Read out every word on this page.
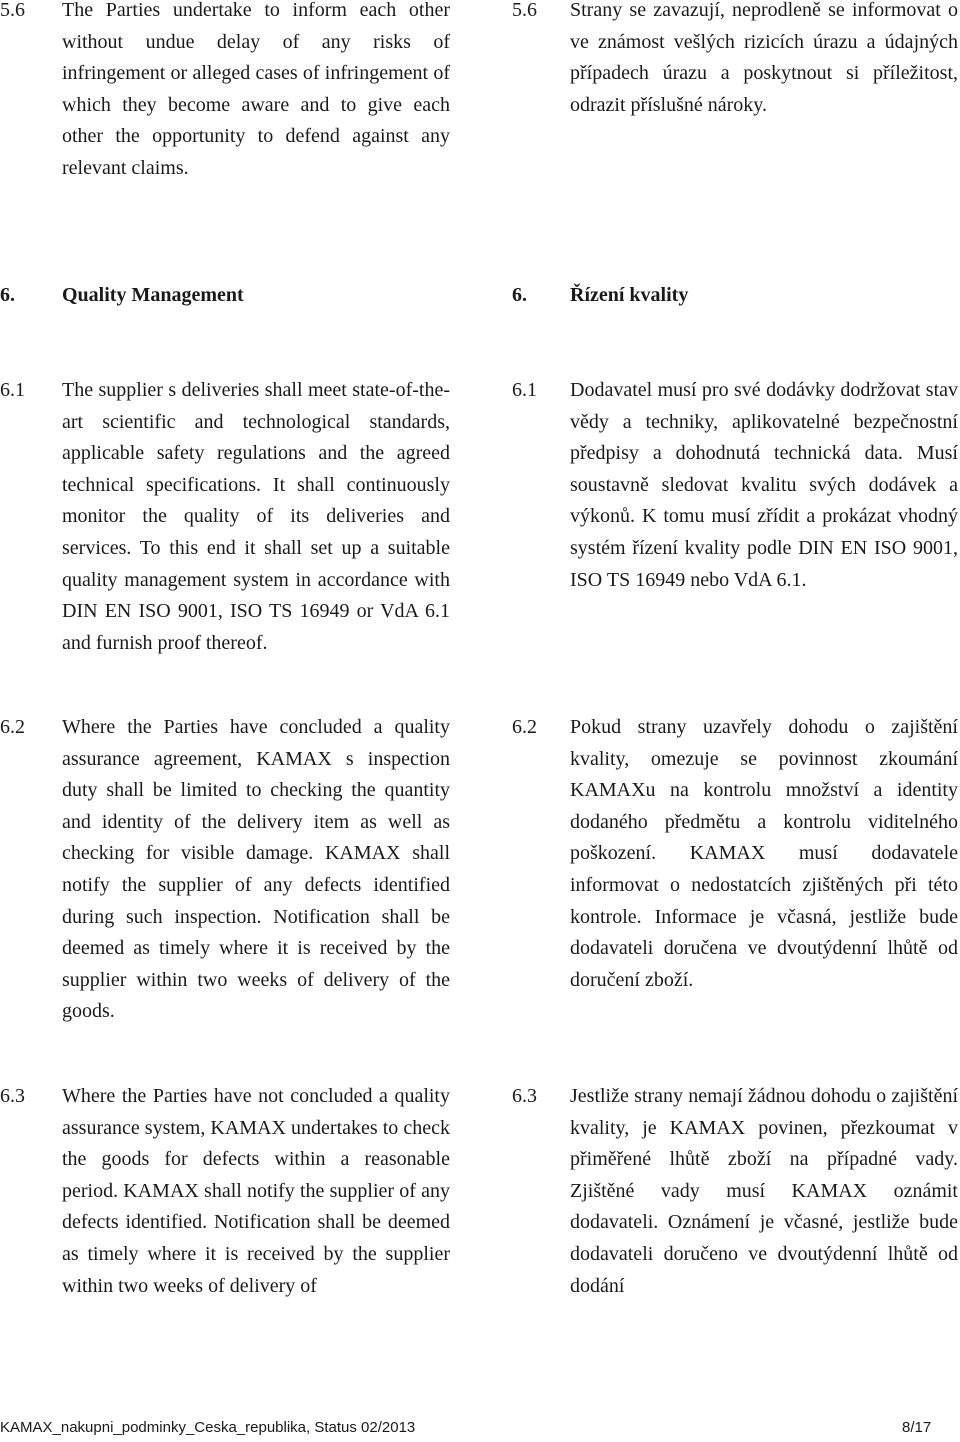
5.6 The Parties undertake to inform each other without undue delay of any risks of infringement or alleged cases of infringement of which they become aware and to give each other the opportunity to defend against any relevant claims.

5.6 Strany se zavazují, neprodleně se informovat o ve známost vešlých rizicích úrazu a údajných případech úrazu a poskytnout si příležitost, odrazit příslušné nároky.

6. Quality Management	6. Řízení kvality
6.1 The supplier s deliveries shall meet state-of-the-art scientific and technological standards, applicable safety regulations and the agreed technical specifications. It shall continuously monitor the quality of its deliveries and services. To this end it shall set up a suitable quality management system in accordance with DIN EN ISO 9001, ISO TS 16949 or VdA 6.1 and furnish proof thereof.

6.1 Dodavatel musí pro své dodávky dodržovat stav vědy a techniky, aplikovatelné bezpečnostní předpisy a dohodnutá technická data. Musí soustavně sledovat kvalitu svých dodávek a výkonů. K tomu musí zřídit a prokázat vhodný systém řízení kvality podle DIN EN ISO 9001, ISO TS 16949 nebo VdA 6.1.

6.2 Where the Parties have concluded a quality assurance agreement, KAMAX s inspection duty shall be limited to checking the quantity and identity of the delivery item as well as checking for visible damage. KAMAX shall notify the supplier of any defects identified during such inspection. Notification shall be deemed as timely where it is received by the supplier within two weeks of delivery of the goods.

6.2 Pokud strany uzavřely dohodu o zajištění kvality, omezuje se povinnost zkoumání KAMAXu na kontrolu množství a identity dodaného předmětu a kontrolu viditelného poškození. KAMAX musí dodavatele informovat o nedostatcích zjištěných při této kontrole. Informace je včasná, jestliže bude dodavateli doručena ve dvoutýdenní lhůtě od doručení zboží.

6.3 Where the Parties have not concluded a quality assurance system, KAMAX undertakes to check the goods for defects within a reasonable period. KAMAX shall notify the supplier of any defects identified. Notification shall be deemed as timely where it is received by the supplier within two weeks of delivery of

6.3 Jestliže strany nemají žádnou dohodu o zajištění kvality, je KAMAX povinen, přezkoumat v přiměřené lhůtě zboží na případné vady. Zjištěné vady musí KAMAX oznámit dodavateli. Oznámení je včasné, jestliže bude dodavateli doručeno ve dvoutýdenní lhůtě od dodání

KAMAX_nakupni_podminky_Ceska_republika, Status 02/2013	8/17
